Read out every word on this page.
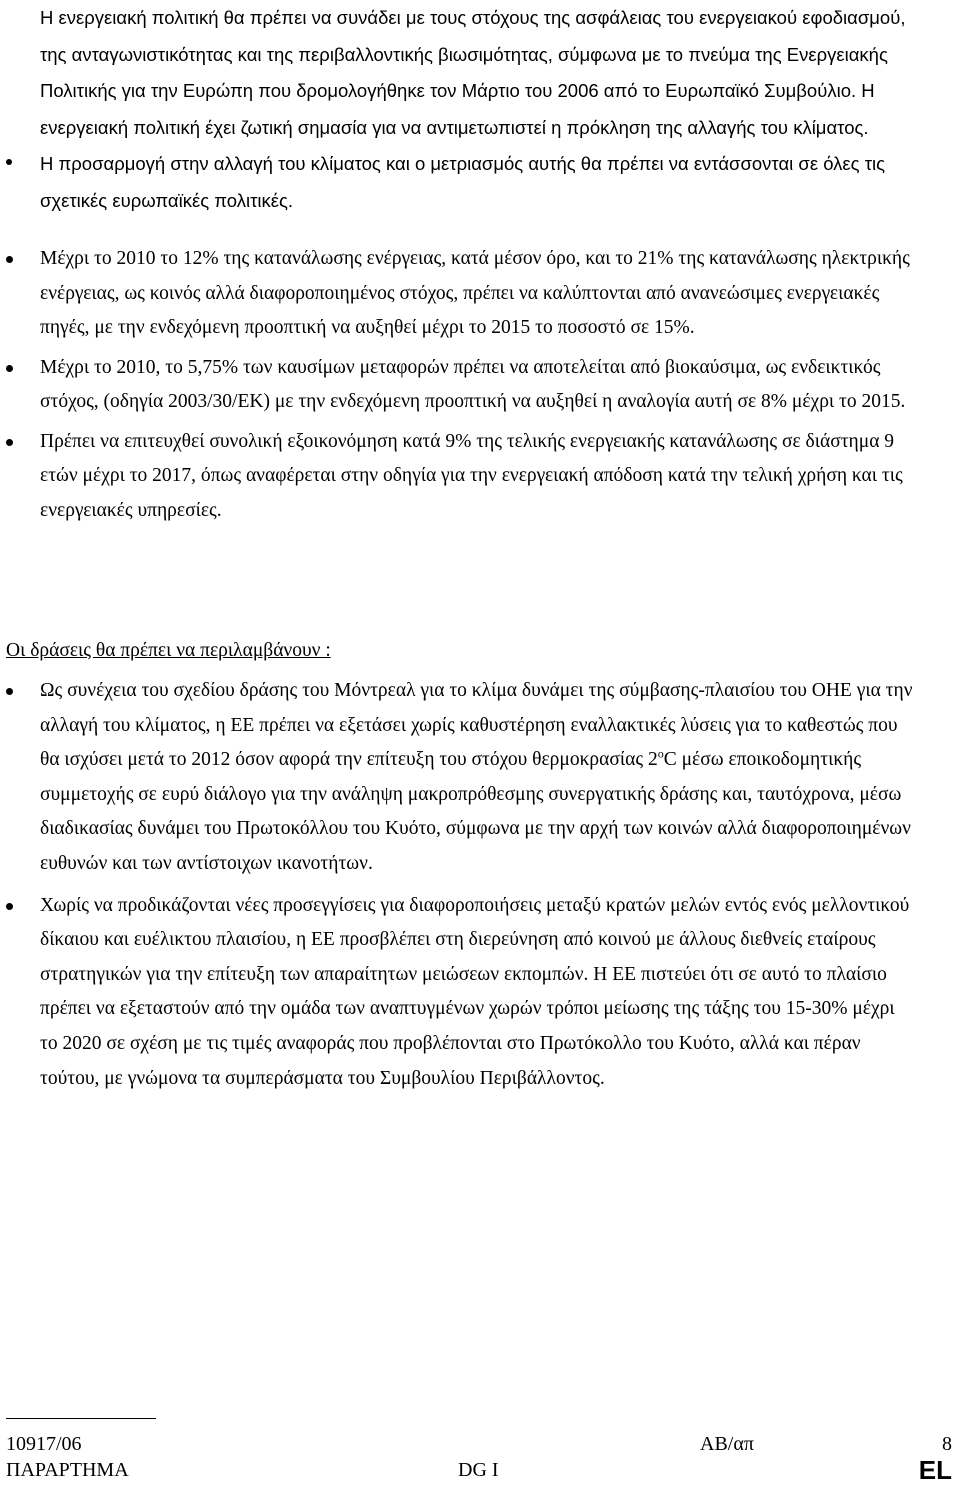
Η ενεργειακή πολιτική θα πρέπει να συνάδει με τους στόχους της ασφάλειας του ενεργειακού εφοδιασμού, της ανταγωνιστικότητας και της περιβαλλοντικής βιωσιμότητας, σύμφωνα με το πνεύμα της Ενεργειακής Πολιτικής για την Ευρώπη που δρομολογήθηκε τον Μάρτιο του 2006 από το Ευρωπαϊκό Συμβούλιο. Η ενεργειακή πολιτική έχει ζωτική σημασία για να αντιμετωπιστεί η πρόκληση της αλλαγής του κλίματος.
Η προσαρμογή στην αλλαγή του κλίματος και ο μετριασμός αυτής θα πρέπει να εντάσσονται σε όλες τις σχετικές ευρωπαϊκές πολιτικές.
Μέχρι το 2010 το 12% της κατανάλωσης ενέργειας, κατά μέσον όρο, και το 21% της κατανάλωσης ηλεκτρικής ενέργειας, ως κοινός αλλά διαφοροποιημένος στόχος, πρέπει να καλύπτονται από ανανεώσιμες ενεργειακές πηγές, με την ενδεχόμενη προοπτική να αυξηθεί μέχρι το 2015 το ποσοστό σε 15%.
Μέχρι το 2010, το 5,75% των καυσίμων μεταφορών πρέπει να αποτελείται από βιοκαύσιμα, ως ενδεικτικός στόχος, (οδηγία 2003/30/ΕΚ) με την ενδεχόμενη προοπτική να αυξηθεί η αναλογία αυτή σε 8% μέχρι το 2015.
Πρέπει να επιτευχθεί συνολική εξοικονόμηση κατά 9% της τελικής ενεργειακής κατανάλωσης σε διάστημα 9 ετών μέχρι το 2017, όπως αναφέρεται στην οδηγία για την ενεργειακή απόδοση κατά την τελική χρήση και τις ενεργειακές υπηρεσίες.
Οι δράσεις θα πρέπει να περιλαμβάνουν :
Ως συνέχεια του σχεδίου δράσης του Μόντρεαλ για το κλίμα δυνάμει της σύμβασης-πλαισίου του ΟΗΕ για την αλλαγή του κλίματος, η ΕΕ πρέπει να εξετάσει χωρίς καθυστέρηση εναλλακτικές λύσεις για το καθεστώς που θα ισχύσει μετά το 2012 όσον αφορά την επίτευξη του στόχου θερμοκρασίας $2^oC$ μέσω εποικοδομητικής συμμετοχής σε ευρύ διάλογο για την ανάληψη μακροπρόθεσμης συνεργατικής δράσης και, ταυτόχρονα, μέσω διαδικασίας δυνάμει του Πρωτοκόλλου του Κυότο, σύμφωνα με την αρχή των κοινών αλλά διαφοροποιημένων ευθυνών και των αντίστοιχων ικανοτήτων.
Χωρίς να προδικάζονται νέες προσεγγίσεις για διαφοροποιήσεις μεταξύ κρατών μελών εντός ενός μελλοντικού δίκαιου και ευέλικτου πλαισίου, η ΕΕ προσβλέπει στη διερεύνηση από κοινού με άλλους διεθνείς εταίρους στρατηγικών για την επίτευξη των απαραίτητων μειώσεων εκπομπών. Η ΕΕ πιστεύει ότι σε αυτό το πλαίσιο πρέπει να εξεταστούν από την ομάδα των αναπτυγμένων χωρών τρόποι μείωσης της τάξης του 15-30% μέχρι το 2020 σε σχέση με τις τιμές αναφοράς που προβλέπονται στο Πρωτόκολλο του Κυότο, αλλά και πέραν τούτου, με γνώμονα τα συμπεράσματα του Συμβουλίου Περιβάλλοντος.
10917/06	ΑΒ/απ	8
ΠΑΡΑΡΤΗΜΑ	DG I	EL
